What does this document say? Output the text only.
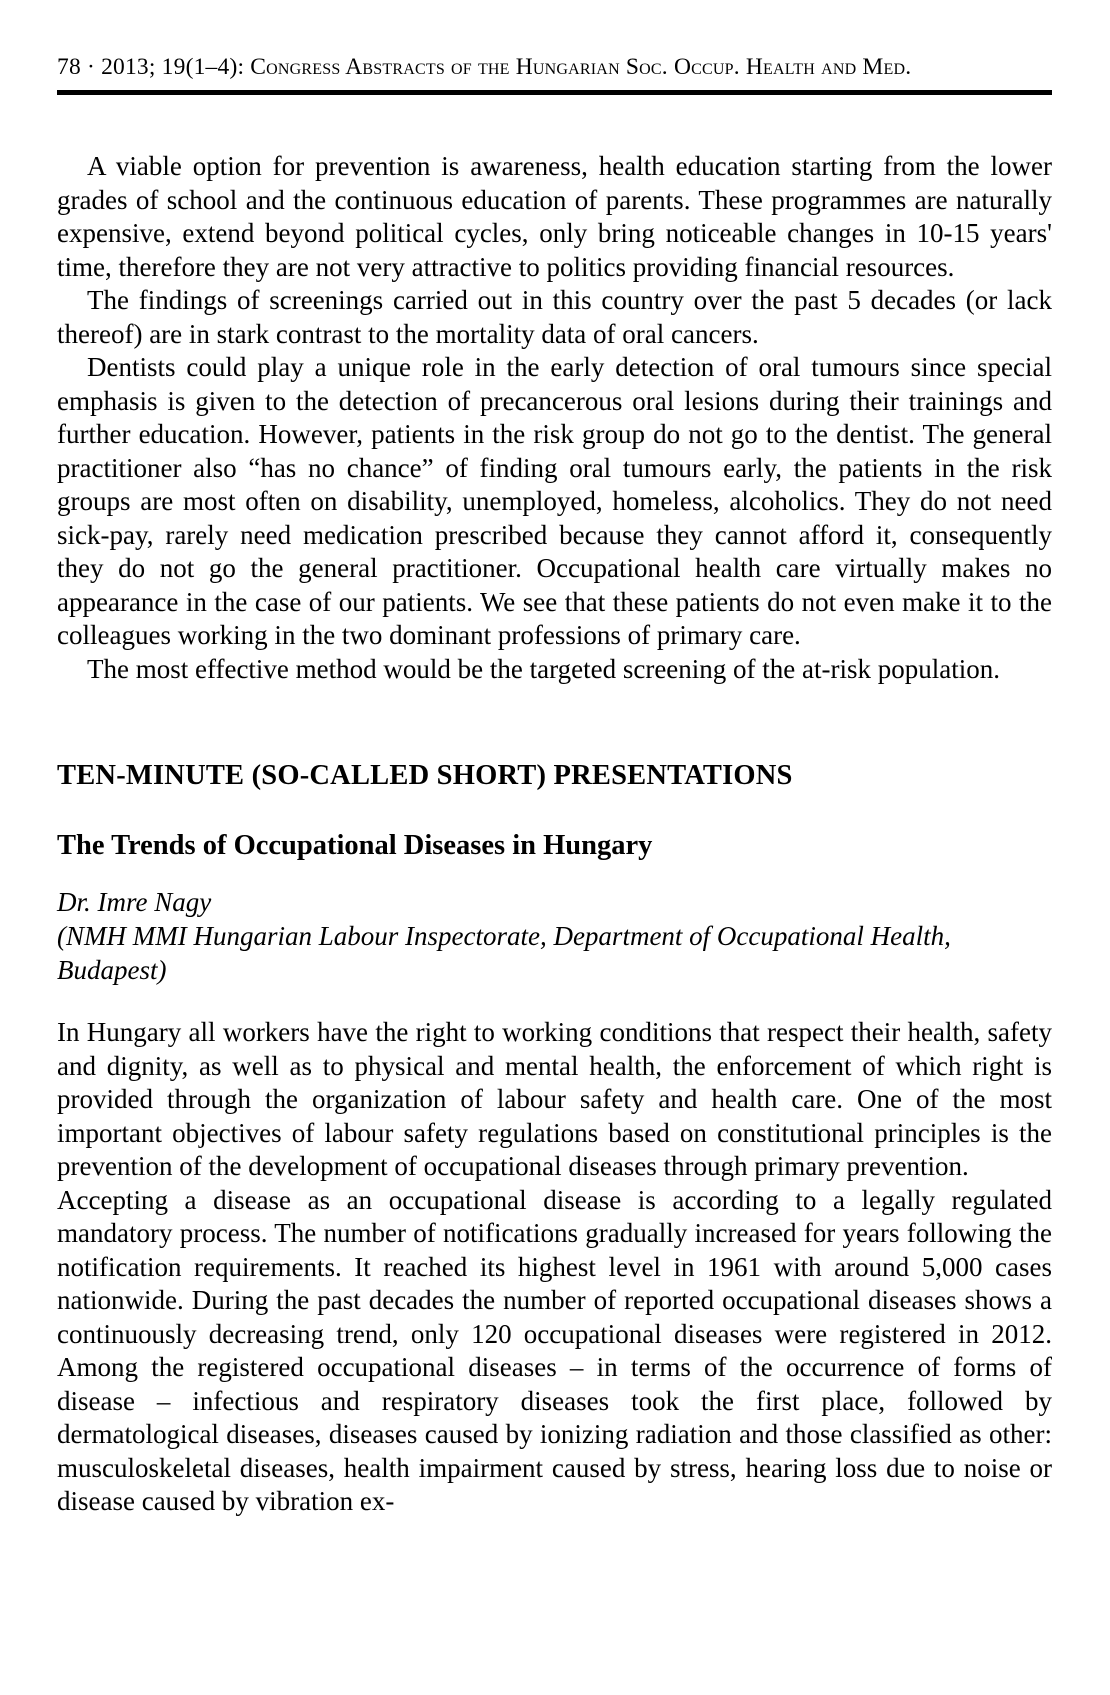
78 · 2013; 19(1–4): Congress Abstracts of the Hungarian Soc. Occup. Health and Med.

A viable option for prevention is awareness, health education starting from the lower grades of school and the continuous education of parents. These programmes are naturally expensive, extend beyond political cycles, only bring noticeable changes in 10-15 years' time, therefore they are not very attractive to politics providing financial resources.

The findings of screenings carried out in this country over the past 5 decades (or lack thereof) are in stark contrast to the mortality data of oral cancers.

Dentists could play a unique role in the early detection of oral tumours since special emphasis is given to the detection of precancerous oral lesions during their trainings and further education. However, patients in the risk group do not go to the dentist. The general practitioner also “has no chance” of finding oral tumours early, the patients in the risk groups are most often on disability, unemployed, homeless, alcoholics. They do not need sick-pay, rarely need medication prescribed because they cannot afford it, consequently they do not go the general practitioner. Occupational health care virtually makes no appearance in the case of our patients. We see that these patients do not even make it to the colleagues working in the two dominant professions of primary care.

The most effective method would be the targeted screening of the at-risk population.

TEN-MINUTE (SO-CALLED SHORT) PRESENTATIONS
The Trends of Occupational Diseases in Hungary

Dr. Imre Nagy

(NMH MMI Hungarian Labour Inspectorate, Department of Occupational Health, Budapest)

In Hungary all workers have the right to working conditions that respect their health, safety and dignity, as well as to physical and mental health, the enforcement of which right is provided through the organization of labour safety and health care. One of the most important objectives of labour safety regulations based on constitutional principles is the prevention of the development of occupational diseases through primary prevention.

Accepting a disease as an occupational disease is according to a legally regulated mandatory process. The number of notifications gradually increased for years following the notification requirements. It reached its highest level in 1961 with around 5,000 cases nationwide. During the past decades the number of reported occupational diseases shows a continuously decreasing trend, only 120 occupational diseases were registered in 2012. Among the registered occupational diseases – in terms of the occurrence of forms of disease – infectious and respiratory diseases took the first place, followed by dermatological diseases, diseases caused by ionizing radiation and those classified as other: musculoskeletal diseases, health impairment caused by stress, hearing loss due to noise or disease caused by vibration ex-
